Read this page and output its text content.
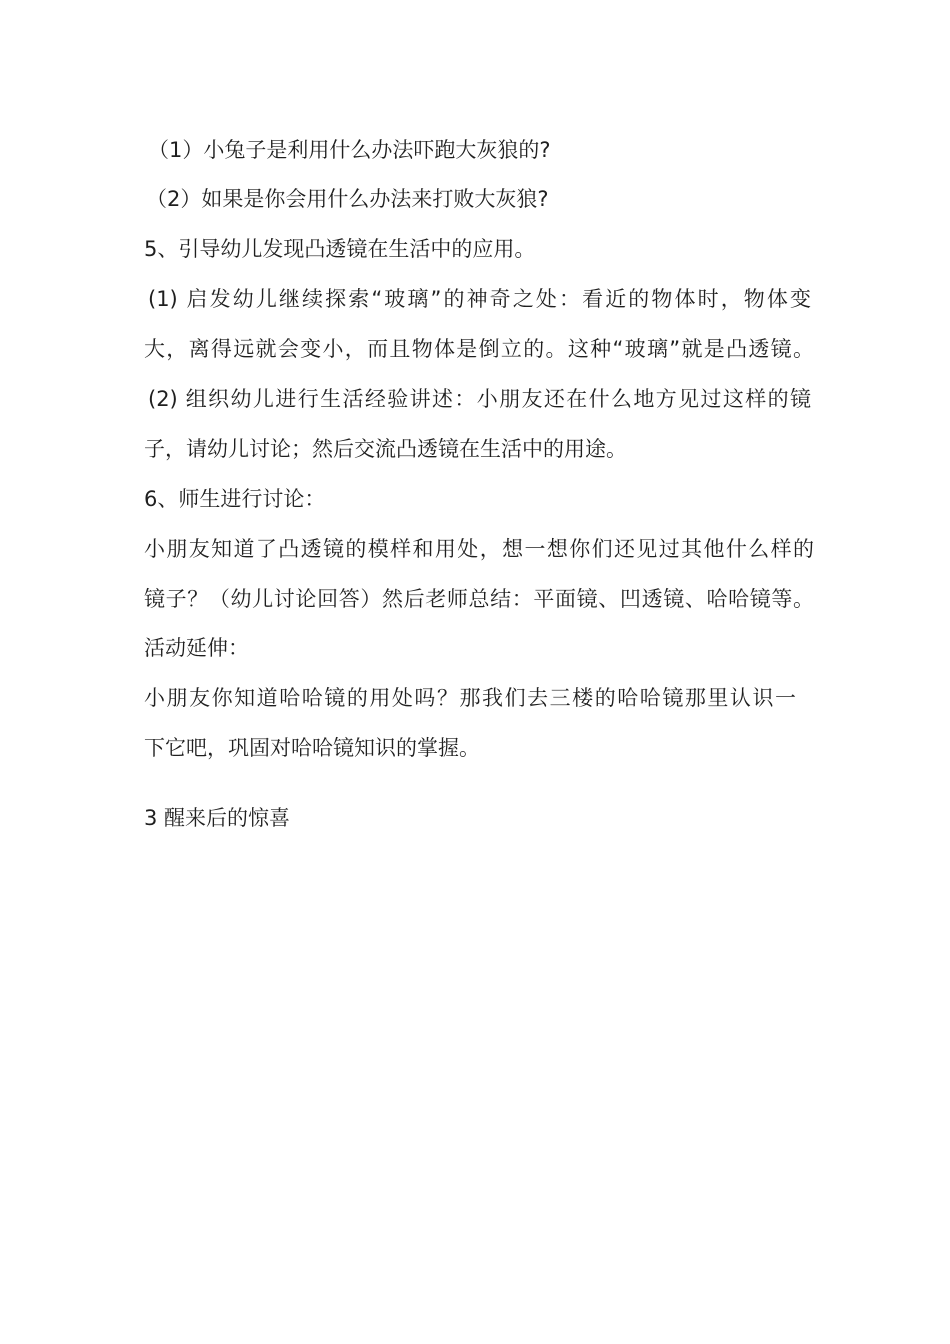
（1）小兔子是利用什么办法吓跑大灰狼的?
（2）如果是你会用什么办法来打败大灰狼?
5、引导幼儿发现凸透镜在生活中的应用。
(1) 启发幼儿继续探索“玻璃”的神奇之处：看近的物体时，物体变
大，离得远就会变小，而且物体是倒立的。这种“玻璃”就是凸透镜。
(2) 组织幼儿进行生活经验讲述：小朋友还在什么地方见过这样的镜
子，请幼儿讨论；然后交流凸透镜在生活中的用途。
6、师生进行讨论：
小朋友知道了凸透镜的模样和用处，想一想你们还见过其他什么样的
镜子？（幼儿讨论回答）然后老师总结：平面镜、凹透镜、哈哈镜等。
活动延伸：
小朋友你知道哈哈镜的用处吗？那我们去三楼的哈哈镜那里认识一
下它吧，巩固对哈哈镜知识的掌握。
3 醒来后的惊喜
